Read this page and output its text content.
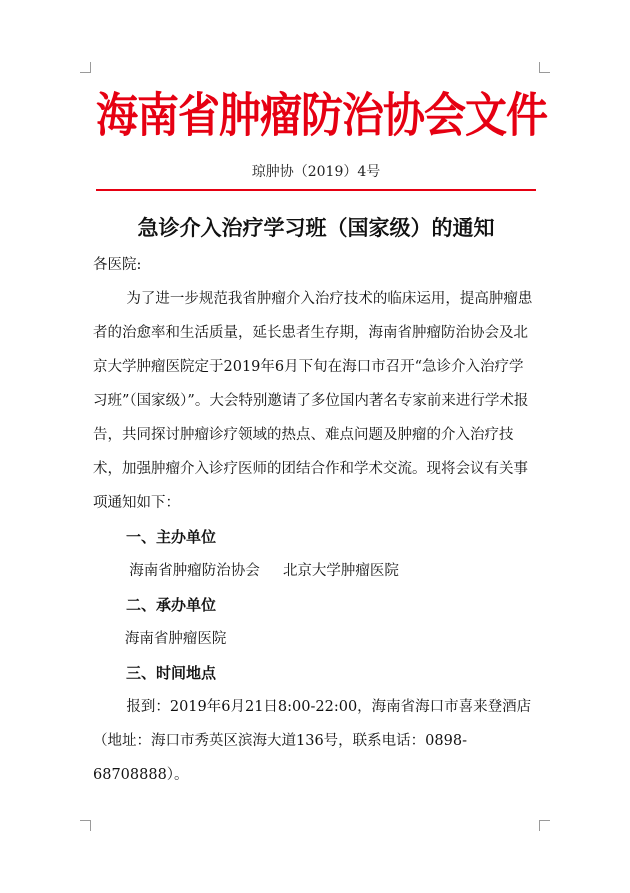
海南省肿瘤防治协会文件
琼肿协（2019）4号
急诊介入治疗学习班（国家级）的通知

各医院:

为了进一步规范我省肿瘤介入治疗技术的临床运用，提高肿瘤患者的治愈率和生活质量，延长患者生存期，海南省肿瘤防治协会及北京大学肿瘤医院定于2019年6月下旬在海口市召开“急诊介入治疗学习班”（国家级）”。大会特别邀请了多位国内著名专家前来进行学术报告，共同探讨肿瘤诊疗领域的热点、难点问题及肿瘤的介入治疗技术，加强肿瘤介入诊疗医师的团结合作和学术交流。现将会议有关事项通知如下：

一、主办单位

海南省肿瘤防治协会 北京大学肿瘤医院

二、承办单位

海南省肿瘤医院

三、时间地点

报到：2019年6月21日8:00-22:00，海南省海口市喜来登酒店（地址：海口市秀英区滨海大道136号，联系电话：0898-68708888）。
